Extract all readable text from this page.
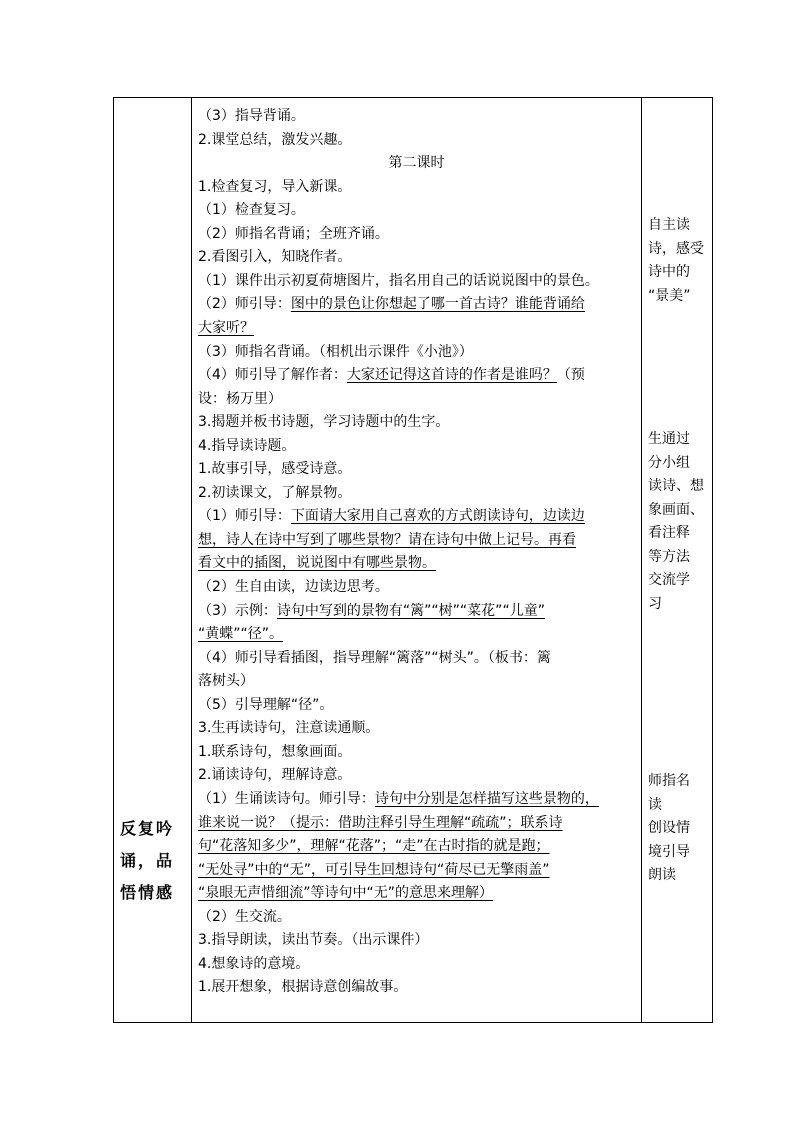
反复吟诵，品悟情感
（3）指导背诵。
2.课堂总结，激发兴趣。
第二课时
1.检查复习，导入新课。
（1）检查复习。
（2）师指名背诵；全班齐诵。
2.看图引入，知晓作者。
（1）课件出示初夏荷塘图片，指名用自己的话说说图中的景色。
（2）师引导：图中的景色让你想起了哪一首古诗？谁能背诵给
大家听？
（3）师指名背诵。（相机出示课件《小池》）
（4）师引导了解作者：大家还记得这首诗的作者是谁吗？（预
设：杨万里）
3.揭题并板书诗题，学习诗题中的生字。
4.指导读诗题。
1.故事引导，感受诗意。
2.初读课文，了解景物。
（1）师引导：下面请大家用自己喜欢的方式朗读诗句，边读边
想，诗人在诗中写到了哪些景物？请在诗句中做上记号。再看
看文中的插图，说说图中有哪些景物。
（2）生自由读，边读边思考。
（3）示例：诗句中写到的景物有“篱”“树”“菜花”“儿童”
“黄蝶”“径”。
（4）师引导看插图，指导理解“篱落”“树头”。（板书：篱
落树头）
（5）引导理解“径”。
3.生再读诗句，注意读通顺。
1.联系诗句，想象画面。
2.诵读诗句，理解诗意。
（1）生诵读诗句。师引导：诗句中分别是怎样描写这些景物的，
谁来说一说？（提示：借助注释引导生理解“疏疏”；联系诗
句“花落知多少”，理解“花落”；“走”在古时指的就是跑；
“无处寻”中的“无”，可引导生回想诗句“荷尽已无擎雨盖”
“泉眼无声惜细流”等诗句中“无”的意思来理解）
（2）生交流。
3.指导朗读，读出节奏。（出示课件）
4.想象诗的意境。
1.展开想象，根据诗意创编故事。
自主读
诗，感受
诗中的
“景美”
生通过
分小组
读诗、想
象画面、
看注释
等方法
交流学
习
师指名
读
创设情
境引导
朗读
